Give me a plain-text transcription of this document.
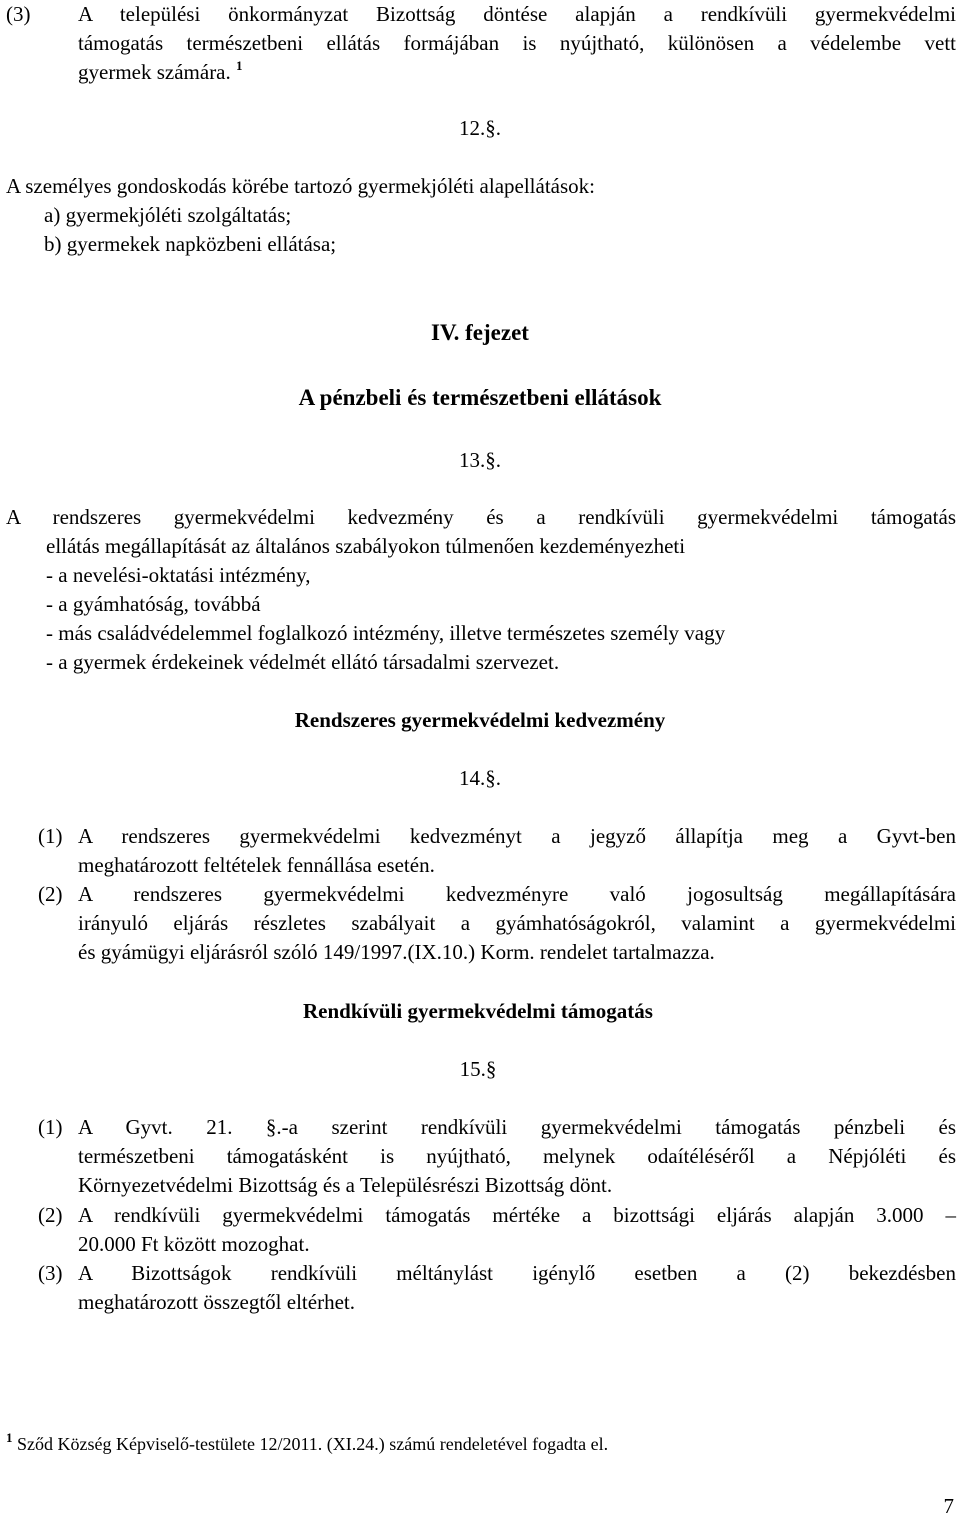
(3) A települési önkormányzat Bizottság döntése alapján a rendkívüli gyermekvédelmi
támogatás természetbeni ellátás formájában is nyújtható, különösen a védelembe vett
gyermek számára. $^1$
12.§.
A személyes gondoskodás körébe tartozó gyermekjóléti alapellátások:
a) gyermekjóléti szolgáltatás;
b) gyermekek napközbeni ellátása;
IV. fejezet
A pénzbeli és természetbeni ellátások
13.§.
A rendszeres gyermekvédelmi kedvezmény és a rendkívüli gyermekvédelmi támogatás
ellátás megállapítását az általános szabályokon túlmenően kezdeményezheti
- a nevelési-oktatási intézmény,
- a gyámhatóság, továbbá
- más családvédelemmel foglalkozó intézmény, illetve természetes személy vagy
- a gyermek érdekeinek védelmét ellátó társadalmi szervezet.
Rendszeres gyermekvédelmi kedvezmény
14.§.
(1) A rendszeres gyermekvédelmi kedvezményt a jegyző állapítja meg a Gyvt-ben
meghatározott feltételek fennállása esetén.
(2) A rendszeres gyermekvédelmi kedvezményre való jogosultság megállapítására
irányuló eljárás részletes szabályait a gyámhatóságokról, valamint a gyermekvédelmi
és gyámügyi eljárásról szóló 149/1997.(IX.10.) Korm. rendelet tartalmazza.
Rendkívüli gyermekvédelmi támogatás
15.§
(1) A Gyvt. 21. §.-a szerint rendkívüli gyermekvédelmi támogatás pénzbeli és
természetbeni támogatásként is nyújtható, melynek odaítéléséről a Népjóléti és
Környezetvédelmi Bizottság és a Településrészi Bizottság dönt.
(2) A rendkívüli gyermekvédelmi támogatás mértéke a bizottsági eljárás alapján 3.000 –
20.000 Ft között mozoghat.
(3) A Bizottságok rendkívüli méltánylást igénylő esetben a (2) bekezdésben
meghatározott összegtől eltérhet.
$^1$ Sződ Község Képviselő-testülete 12/2011. (XI.24.) számú rendeletével fogadta el.
7
